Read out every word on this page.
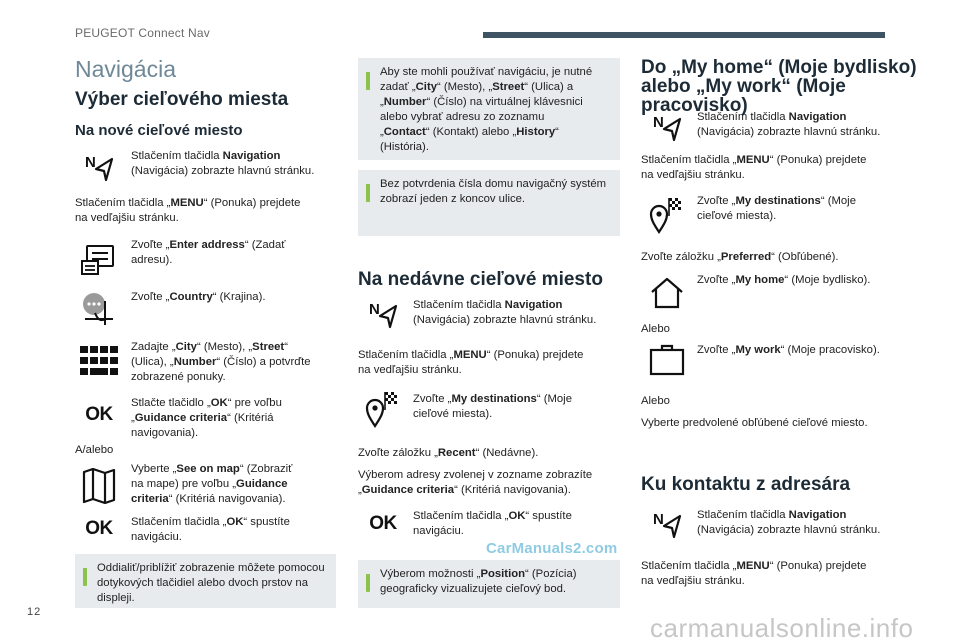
PEUGEOT Connect Nav
12
Navigácia
Výber cieľového miesta
Na nové cieľové miesto
N	Stlačením tlačidla Navigation
(Navigácia) zobrazte hlavnú stránku.
Stlačením tlačidla „MENU“ (Ponuka) prejdete
na vedľajšiu stránku.
Zvoľte „Enter address“ (Zadať
adresu).
Zvoľte „Country“ (Krajina).
Zadajte „City“ (Mesto), „Street“
(Ulica), „Number“ (Číslo) a potvrďte
zobrazené ponuky.
OK
Stlačte tlačidlo „OK“ pre voľbu
„Guidance criteria“ (Kritériá
navigovania).
A/alebo
Vyberte „See on map“ (Zobraziť
na mape) pre voľbu „Guidance
criteria“ (Kritériá navigovania).
OK	Stlačením tlačidla „OK“ spustíte
navigáciu.
Oddialiť/priblížiť zobrazenie môžete pomocou dotykových tlačidiel alebo dvoch prstov na displeji.
Aby ste mohli používať navigáciu, je nutné
zadať „City“ (Mesto), „Street“ (Ulica) a
„Number“ (Číslo) na virtuálnej klávesnici
alebo vybrať adresu zo zoznamu
„Contact“ (Kontakt) alebo „History“
(História).
Bez potvrdenia čísla domu navigačný systém zobrazí jeden z koncov ulice.
Na nedávne cieľové miesto
N	Stlačením tlačidla Navigation
(Navigácia) zobrazte hlavnú stránku.
Stlačením tlačidla „MENU“ (Ponuka) prejdete
na vedľajšiu stránku.
Zvoľte „My destinations“ (Moje
cieľové miesta).
Zvoľte záložku „Recent“ (Nedávne).
Výberom adresy zvolenej v zozname zobrazíte
„Guidance criteria“ (Kritériá navigovania).
OK	Stlačením tlačidla „OK“ spustíte
navigáciu.
Výberom možnosti „Position“ (Pozícia)
geograficky vizualizujete cieľový bod.
Do „My home“ (Moje bydlisko)
alebo „My work“ (Moje
pracovisko)
N	Stlačením tlačidla Navigation
(Navigácia) zobrazte hlavnú stránku.
Stlačením tlačidla „MENU“ (Ponuka) prejdete
na vedľajšiu stránku.
Zvoľte „My destinations“ (Moje
cieľové miesta).
Zvoľte záložku „Preferred“ (Obľúbené).
Zvoľte „My home“ (Moje bydlisko).
Alebo
Zvoľte „My work“ (Moje pracovisko).
Alebo
Vyberte predvolené obľúbené cieľové miesto.
Ku kontaktu z adresára
N	Stlačením tlačidla Navigation
(Navigácia) zobrazte hlavnú stránku.
Stlačením tlačidla „MENU“ (Ponuka) prejdete
na vedľajšiu stránku.
CarManuals2.com
carmanualsonline.info
